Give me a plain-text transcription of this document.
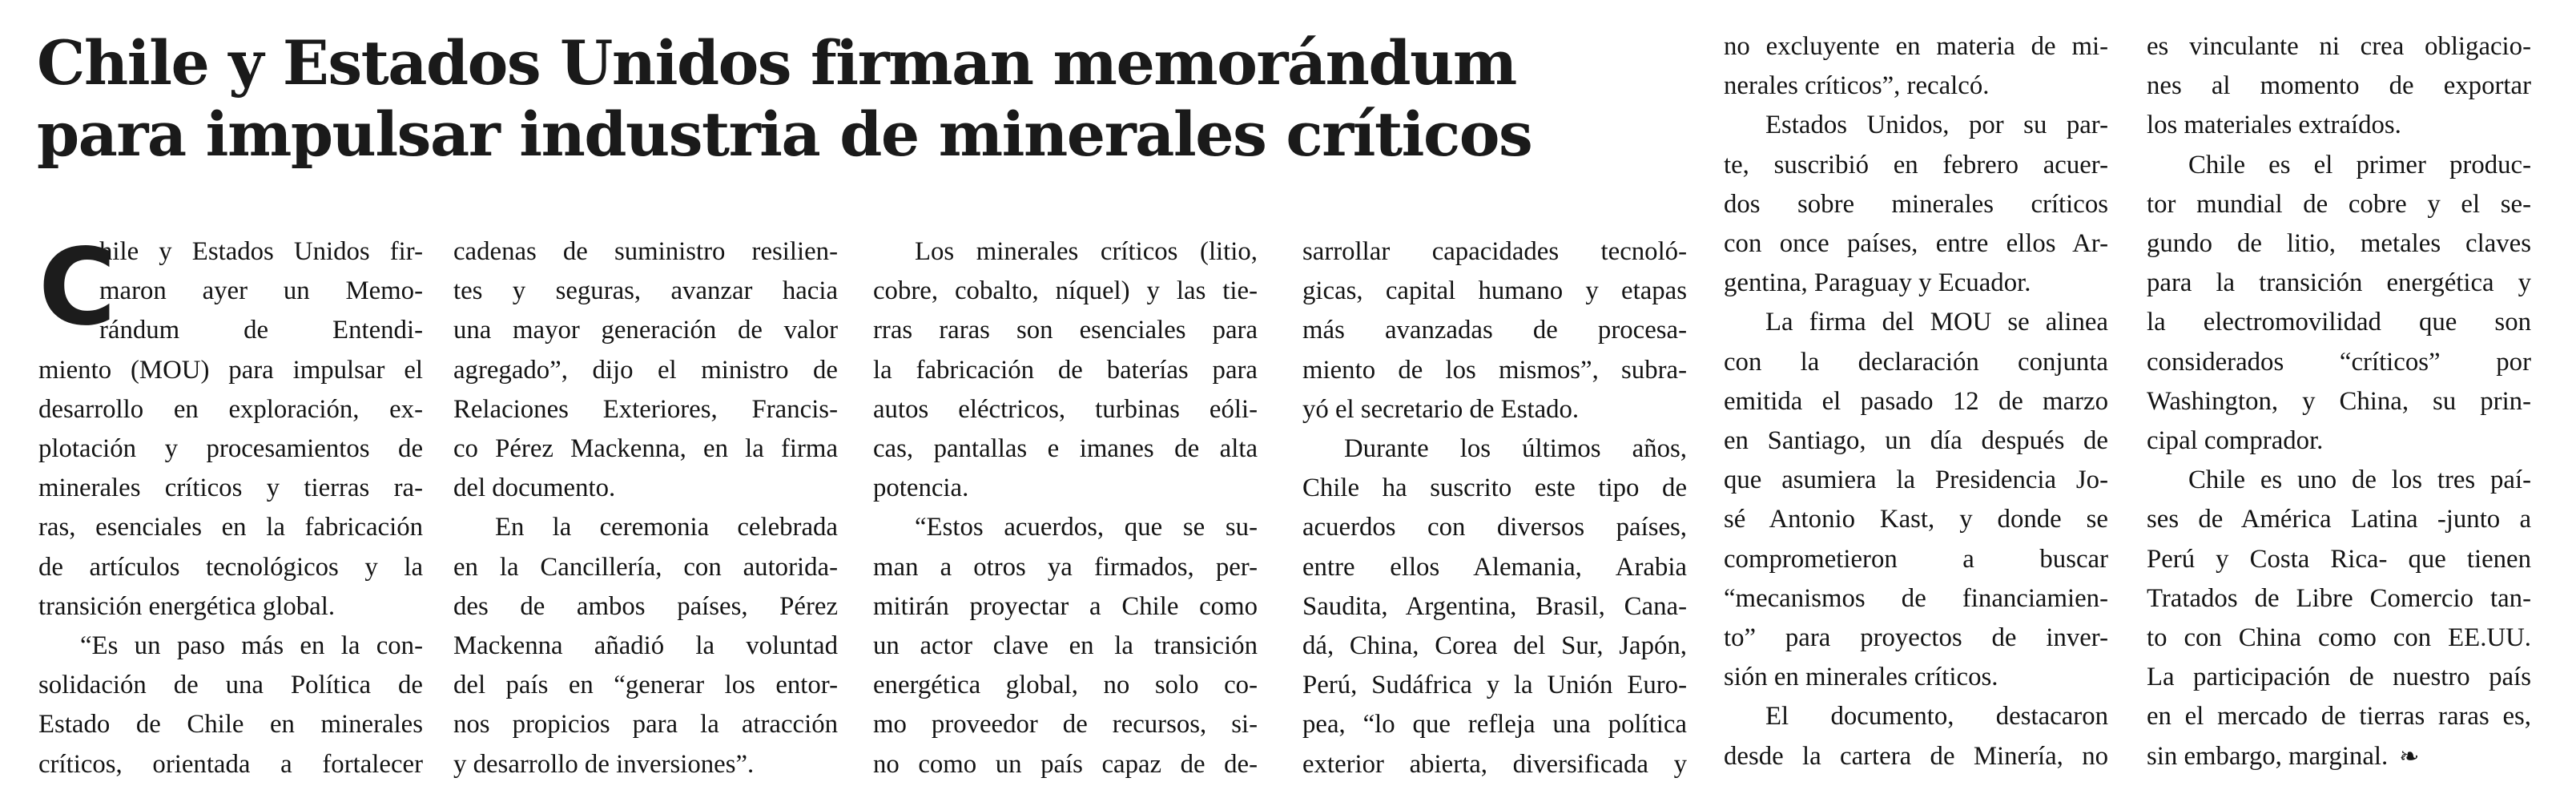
Chile y Estados Unidos firman memorándum
para impulsar industria de minerales críticos
C

hile y Estados Unidos fir-
maron ayer un Memo-
rándum de Entendi-
miento (MOU) para impulsar el
desarrollo en exploración, ex-
plotación y procesamientos de
minerales críticos y tierras ra-
ras, esenciales en la fabricación
de artículos tecnológicos y la
transición energética global.

“Es un paso más en la con-
solidación de una Política de
Estado de Chile en minerales
críticos, orientada a fortalecer

cadenas de suministro resilien-
tes y seguras, avanzar hacia
una mayor generación de valor
agregado”, dijo el ministro de
Relaciones Exteriores, Francis-
co Pérez Mackenna, en la firma
del documento.

En la ceremonia celebrada
en la Cancillería, con autorida-
des de ambos países, Pérez
Mackenna añadió la voluntad
del país en “generar los entor-
nos propicios para la atracción
y desarrollo de inversiones”.

Los minerales críticos (litio,
cobre, cobalto, níquel) y las tie-
rras raras son esenciales para
la fabricación de baterías para
autos eléctricos, turbinas eóli-
cas, pantallas e imanes de alta
potencia.

“Estos acuerdos, que se su-
man a otros ya firmados, per-
mitirán proyectar a Chile como
un actor clave en la transición
energética global, no solo co-
mo proveedor de recursos, si-
no como un país capaz de de-

sarrollar capacidades tecnoló-
gicas, capital humano y etapas
más avanzadas de procesa-
miento de los mismos”, subra-
yó el secretario de Estado.

Durante los últimos años,
Chile ha suscrito este tipo de
acuerdos con diversos países,
entre ellos Alemania, Arabia
Saudita, Argentina, Brasil, Cana-
dá, China, Corea del Sur, Japón,
Perú, Sudáfrica y la Unión Euro-
pea, “lo que refleja una política
exterior abierta, diversificada y

no excluyente en materia de mi-
nerales críticos”, recalcó.

Estados Unidos, por su par-
te, suscribió en febrero acuer-
dos sobre minerales críticos
con once países, entre ellos Ar-
gentina, Paraguay y Ecuador.

La firma del MOU se alinea
con la declaración conjunta
emitida el pasado 12 de marzo
en Santiago, un día después de
que asumiera la Presidencia Jo-
sé Antonio Kast, y donde se
comprometieron a buscar
“mecanismos de financiamien-
to” para proyectos de inver-
sión en minerales críticos.

El documento, destacaron
desde la cartera de Minería, no

es vinculante ni crea obligacio-
nes al momento de exportar
los materiales extraídos.

Chile es el primer produc-
tor mundial de cobre y el se-
gundo de litio, metales claves
para la transición energética y
la electromovilidad que son
considerados “críticos” por
Washington, y China, su prin-
cipal comprador.

Chile es uno de los tres paí-
ses de América Latina -junto a
Perú y Costa Rica- que tienen
Tratados de Libre Comercio tan-
to con China como con EE.UU.
La participación de nuestro país
en el mercado de tierras raras es,
sin embargo, marginal. ❧
